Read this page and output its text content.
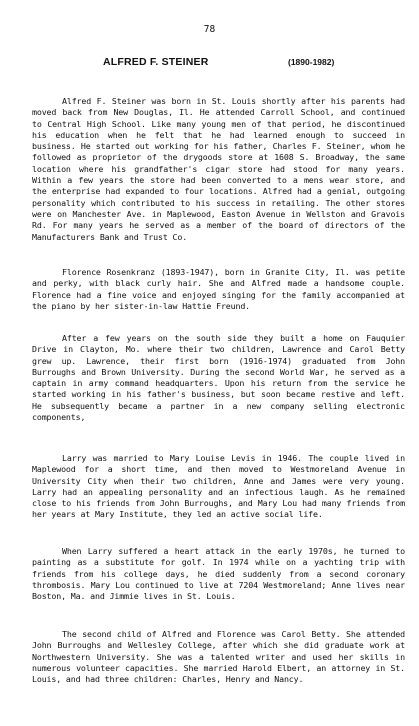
78
ALFRED F. STEINER	(1890-1982)

Alfred F. Steiner was born in St. Louis shortly after his parents had moved back from New Douglas, Il. He attended Carroll School, and continued to Central High School. Like many young men of that period, he discontinued his education when he felt that he had learned enough to succeed in business. He started out working for his father, Charles F. Steiner, whom he followed as proprietor of the drygoods store at 1608 S. Broadway, the same location where his grandfather's cigar store had stood for many years. Within a few years the store had been converted to a mens wear store, and the enterprise had expanded to four locations. Alfred had a genial, outgoing personality which contributed to his success in retailing. The other stores were on Manchester Ave. in Maplewood, Easton Avenue in Wellston and Gravois Rd. For many years he served as a member of the board of directors of the Manufacturers Bank and Trust Co.

Florence Rosenkranz (1893-1947), born in Granite City, Il. was petite and perky, with black curly hair. She and Alfred made a handsome couple. Florence had a fine voice and enjoyed singing for the family accompanied at the piano by her sister-in-law Hattie Freund.

After a few years on the south side they built a home on Fauquier Drive in Clayton, Mo. where their two children, Lawrence and Carol Betty grew up. Lawrence, their first born (1916-1974) graduated from John Burroughs and Brown University. During the second World War, he served as a captain in army command headquarters. Upon his return from the service he started working in his father's business, but soon became restive and left. He subsequently became a partner in a new company selling electronic components,

Larry was married to Mary Louise Levis in 1946. The couple lived in Maplewood for a short time, and then moved to Westmoreland Avenue in University City when their two children, Anne and James were very young. Larry had an appealing personality and an infectious laugh. As he remained close to his friends from John Burroughs, and Mary Lou had many friends from her years at Mary Institute, they led an active social life.

When Larry suffered a heart attack in the early 1970s, he turned to painting as a substitute for golf. In 1974 while on a yachting trip with friends from his college days, he died suddenly from a second coronary thrombosis. Mary Lou continued to live at 7204 Westmoreland; Anne lives near Boston, Ma. and Jimmie lives in St. Louis.

The second child of Alfred and Florence was Carol Betty. She attended John Burroughs and Wellesley College, after which she did graduate work at Northwestern University. She was a talented writer and used her skills in numerous volunteer capacities. She married Harold Elbert, an attorney in St. Louis, and had three children: Charles, Henry and Nancy.
